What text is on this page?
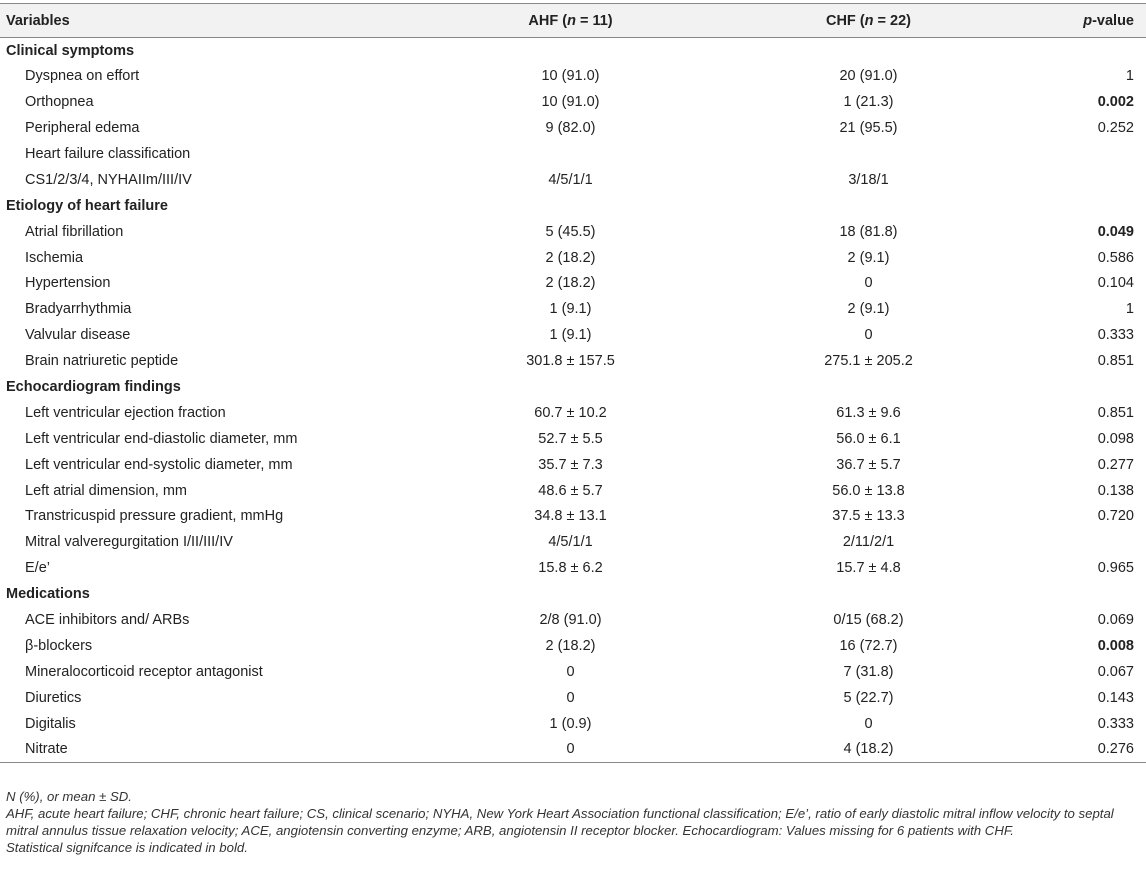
Variables	AHF (n = 11)	CHF (n = 22)	p-value
Clinical symptoms			
Dyspnea on effort	10 (91.0)	20 (91.0)	1
Orthopnea	10 (91.0)	1 (21.3)	0.002
Peripheral edema	9 (82.0)	21 (95.5)	0.252
Heart failure classification			
CS1/2/3/4, NYHAIIm/III/IV	4/5/1/1	3/18/1	
Etiology of heart failure			
Atrial fibrillation	5 (45.5)	18 (81.8)	0.049
Ischemia	2 (18.2)	2 (9.1)	0.586
Hypertension	2 (18.2)	0	0.104
Bradyarrhythmia	1 (9.1)	2 (9.1)	1
Valvular disease	1 (9.1)	0	0.333
Brain natriuretic peptide	301.8 ± 157.5	275.1 ± 205.2	0.851
Echocardiogram findings			
Left ventricular ejection fraction	60.7 ± 10.2	61.3 ± 9.6	0.851
Left ventricular end-diastolic diameter, mm	52.7 ± 5.5	56.0 ± 6.1	0.098
Left ventricular end-systolic diameter, mm	35.7 ± 7.3	36.7 ± 5.7	0.277
Left atrial dimension, mm	48.6 ± 5.7	56.0 ± 13.8	0.138
Transtricuspid pressure gradient, mmHg	34.8 ± 13.1	37.5 ± 13.3	0.720
Mitral valveregurgitation I/II/III/IV	4/5/1/1	2/11/2/1	
E/e’	15.8 ± 6.2	15.7 ± 4.8	0.965
Medications			
ACE inhibitors and/ ARBs	2/8 (91.0)	0/15 (68.2)	0.069
β-blockers	2 (18.2)	16 (72.7)	0.008
Mineralocorticoid receptor antagonist	0	7 (31.8)	0.067
Diuretics	0	5 (22.7)	0.143
Digitalis	1 (0.9)	0	0.333
Nitrate	0	4 (18.2)	0.276
N (%), or mean ± SD.
AHF, acute heart failure; CHF, chronic heart failure; CS, clinical scenario; NYHA, New York Heart Association functional classification; E/e’, ratio of early diastolic mitral inflow velocity to septal mitral annulus tissue relaxation velocity; ACE, angiotensin converting enzyme; ARB, angiotensin II receptor blocker. Echocardiogram: Values missing for 6 patients with CHF.
Statistical signifcance is indicated in bold.
